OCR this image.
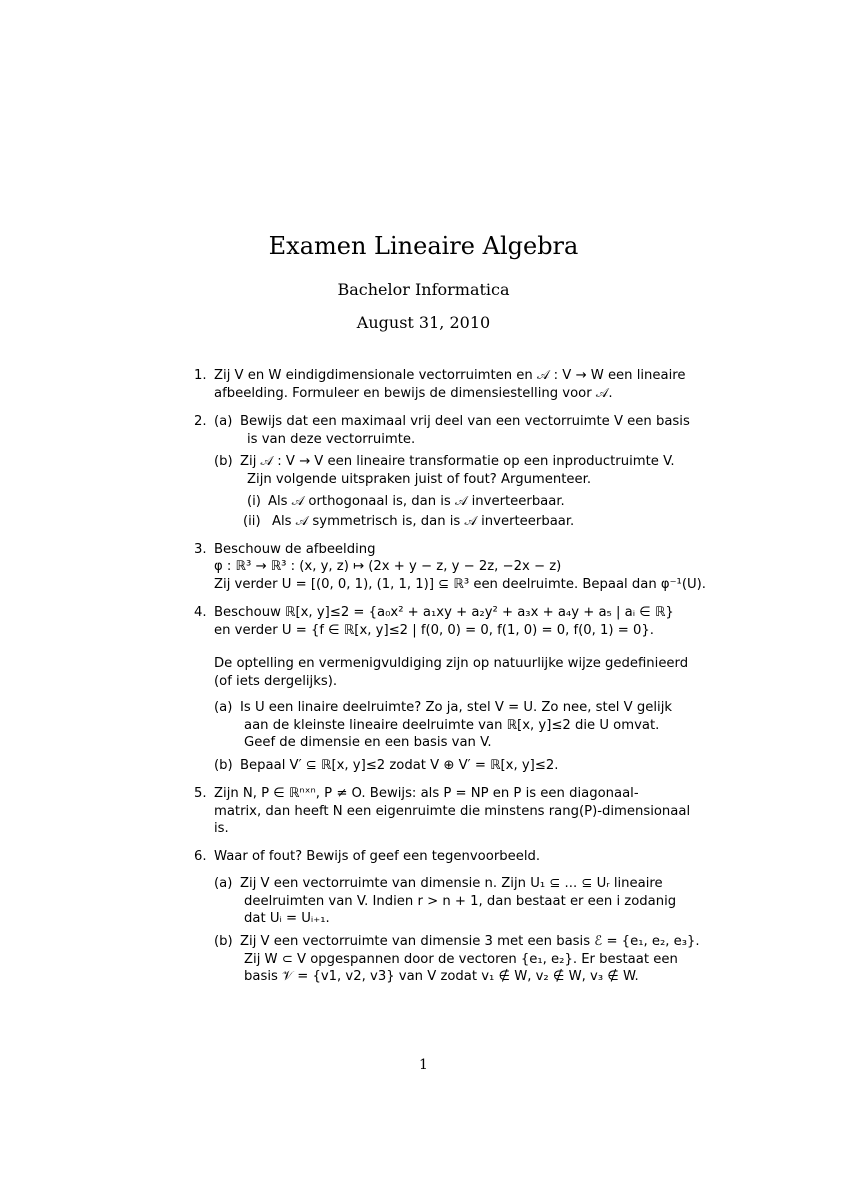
Examen Lineaire Algebra
Bachelor Informatica
August 31, 2010
1. Zij V en W eindigdimensionale vectorruimten en 𝒜 : V → W een lineaire
afbeelding. Formuleer en bewijs de dimensiestelling voor 𝒜.
2. (a) Bewijs dat een maximaal vrij deel van een vectorruimte V een basis
is van deze vectorruimte.
(b) Zij 𝒜 : V → V een lineaire transformatie op een inproductruimte V.
Zijn volgende uitspraken juist of fout? Argumenteer.
(i) Als 𝒜 orthogonaal is, dan is 𝒜 inverteerbaar.
(ii) Als 𝒜 symmetrisch is, dan is 𝒜 inverteerbaar.
3. Beschouw de afbeelding
φ : ℝ³ → ℝ³ : (x, y, z) ↦ (2x + y − z, y − 2z, −2x − z)
Zij verder U = [(0, 0, 1), (1, 1, 1)] ⊆ ℝ³ een deelruimte. Bepaal dan φ⁻¹(U).
4. Beschouw ℝ[x, y]≤2 = {a₀x² + a₁xy + a₂y² + a₃x + a₄y + a₅ | aᵢ ∈ ℝ}
en verder U = {f ∈ ℝ[x, y]≤2 | f(0, 0) = 0, f(1, 0) = 0, f(0, 1) = 0}.
De optelling en vermenigvuldiging zijn op natuurlijke wijze gedefinieerd
(of iets dergelijks).
(a) Is U een linaire deelruimte? Zo ja, stel V = U. Zo nee, stel V gelijk
aan de kleinste lineaire deelruimte van ℝ[x, y]≤2 die U omvat.
Geef de dimensie en een basis van V.
(b) Bepaal V′ ⊆ ℝ[x, y]≤2 zodat V ⊕ V′ = ℝ[x, y]≤2.
5. Zijn N, P ∈ ℝⁿˣⁿ, P ≠ O. Bewijs: als P = NP en P is een diagonaal-
matrix, dan heeft N een eigenruimte die minstens rang(P)-dimensionaal
is.
6. Waar of fout? Bewijs of geef een tegenvoorbeeld.
(a) Zij V een vectorruimte van dimensie n. Zijn U₁ ⊆ ... ⊆ Uᵣ lineaire
deelruimten van V. Indien r > n + 1, dan bestaat er een i zodanig
dat Uᵢ = Uᵢ₊₁.
(b) Zij V een vectorruimte van dimensie 3 met een basis ℰ = {e₁, e₂, e₃}.
Zij W ⊂ V opgespannen door de vectoren {e₁, e₂}. Er bestaat een
basis 𝒱 = {v1, v2, v3} van V zodat v₁ ∉ W, v₂ ∉ W, v₃ ∉ W.
1
